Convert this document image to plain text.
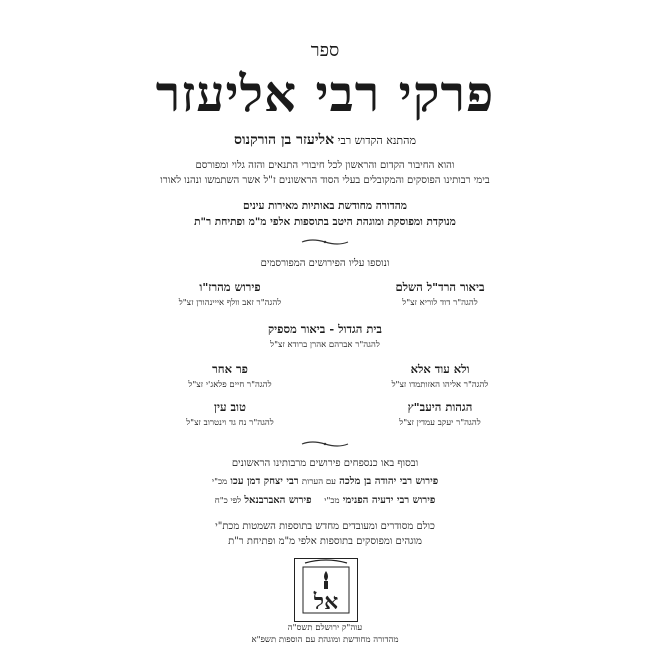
ספר
פרקי רבי אליעזר
מהתנא הקדוש רבי אליעזר בן הורקנוס
והוא החיבור הקדום והראשון לכל חיבורי התנאים והזה גלוי ומפורסם
בימי רבותינו הפוסקים והמקובלים בעלי הסוד הראשונים ז"ל אשר השתמשו ונהנו לאורו
מהדורה מחודשת באותיות מאירות עינים
מנוקדת ומפוסקת ומוגהת היטב בתוספות אלפי מ"מ ופתיחת ר"ת
ונוספו עליו הפירושים המפורסמים
ביאור הרד"ל השלם
להגה"ר דוד לוריא זצ"ל
פירוש מהרז"ו
להגה"ר זאב וולף אייינהורן זצ"ל
בית הגדול - ביאור מספיק
להגה"ר אברהם אהרן ברודא זצ"ל
ולא עוד אלא
להגה"ר אליהו האזותמדו זצ"ל
פר אחר
להגה"ר חיים פלאג'י זצ"ל
הגהות היעב"ץ
להגה"ר יעקב עמדין זצ"ל
טוב עין
להגה"ר נח גד וינטרוב זצ"ל
ובסוף באו כנספחים פירושים מרבותינו הראשונים
פירוש רבי יהודה בן מלכה עם הערות רבי יצחק דמן עכו מכ"י
פירוש רבי ידעיה הפנימי מכ"י    פירוש האברבנאל לפי כ"ח
כולם מסודרים ומעובדים מחדש בתוספות השמטות מכת"י
מוגהים ומפוסקים בתוספות אלפי מ"מ ופתיחת ר"ת
אל
עוה"ק ירושלם תשס"ה
מהדורה מחודשת ומוגהת עם הוספות תשפ"א
